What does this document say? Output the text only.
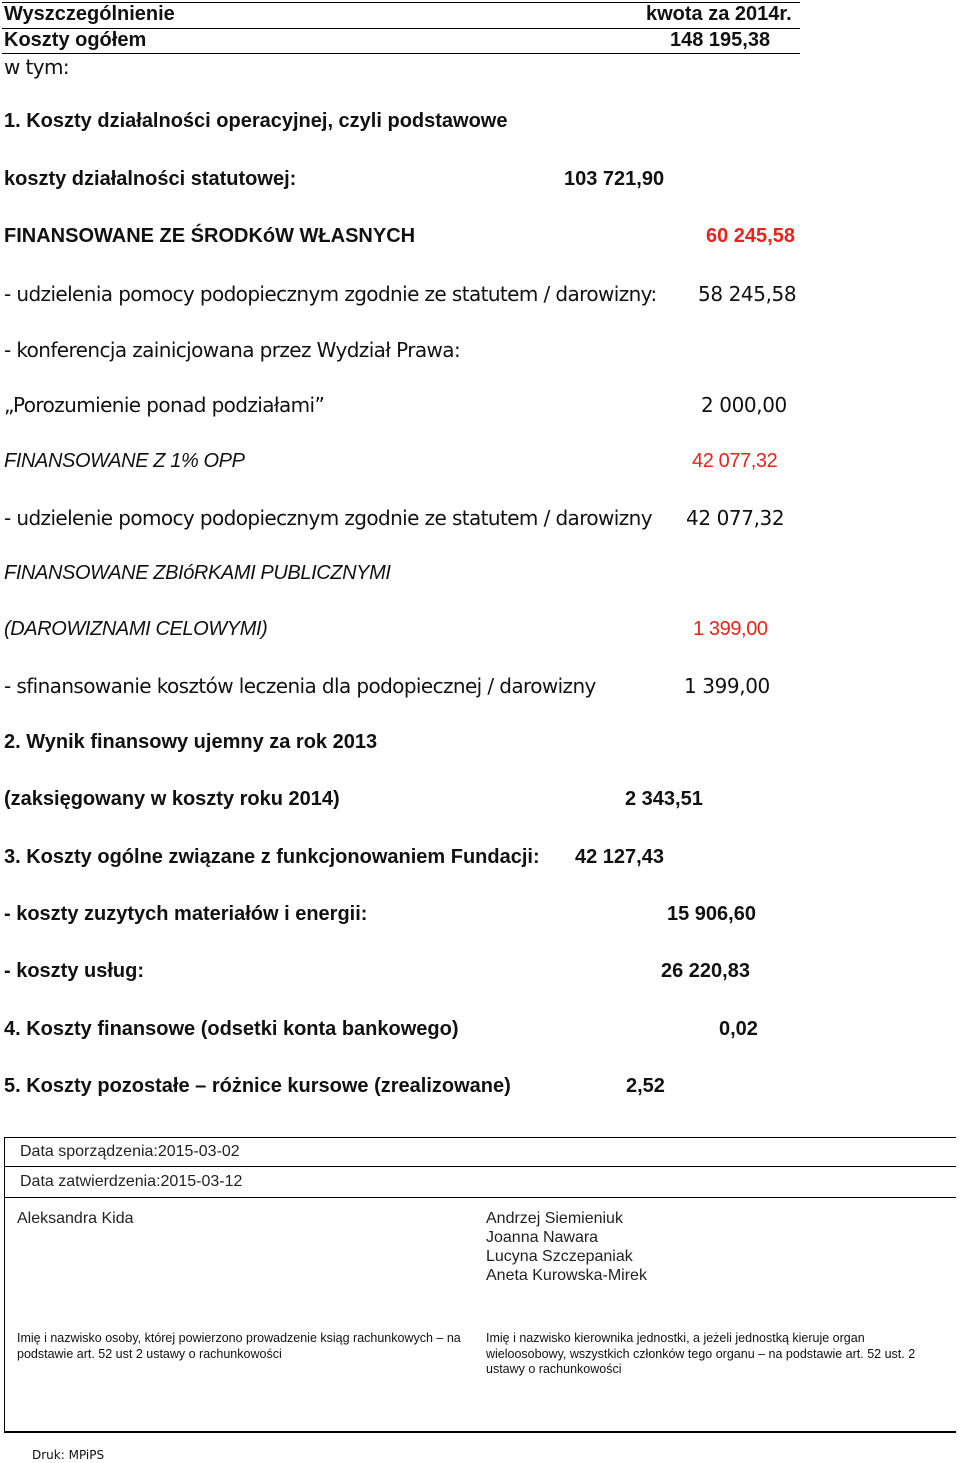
Wyszczególnienie	kwota za 2014r.
Koszty ogółem	148 195,38
w tym:
1. Koszty działalności operacyjnej, czyli podstawowe
koszty działalności statutowej:	103 721,90
FINANSOWANE ZE ŚRODKóW WŁASNYCH	60 245,58
- udzielenia pomocy podopiecznym zgodnie ze statutem / darowizny: 58 245,58
- konferencja zainicjowana przez Wydział Prawa:
„Porozumienie ponad podziałami”	2 000,00
FINANSOWANE Z 1% OPP	42 077,32
- udzielenie pomocy podopiecznym zgodnie ze statutem / darowizny 42 077,32
FINANSOWANE ZBIóRKAMI PUBLICZNYMI
(DAROWIZNAMI CELOWYMI)	1 399,00
- sfinansowanie kosztów leczenia dla podopiecznej / darowizny	1 399,00
2. Wynik finansowy ujemny za rok 2013
(zaksięgowany w koszty roku 2014)	2 343,51
3. Koszty ogólne związane z funkcjonowaniem Fundacji: 42 127,43
- koszty zuzytych materiałów i energii:	15 906,60
- koszty usług:	26 220,83
4. Koszty finansowe (odsetki konta bankowego)	0,02
5. Koszty pozostałe – różnice kursowe (zrealizowane)	2,52
Data sporządzenia:2015-03-02
Data zatwierdzenia:2015-03-12
Aleksandra Kida	Andrzej Siemieniuk
Joanna Nawara
Lucyna Szczepaniak
Aneta Kurowska-Mirek
Imię i nazwisko osoby, której powierzono prowadzenie ksiąg rachunkowych – na podstawie art. 52 ust 2 ustawy o rachunkowości
Imię i nazwisko kierownika jednostki, a jeżeli jednostką kieruje organ wieloosobowy, wszystkich członków tego organu – na podstawie art. 52 ust. 2 ustawy o rachunkowości
Druk: MPiPS
